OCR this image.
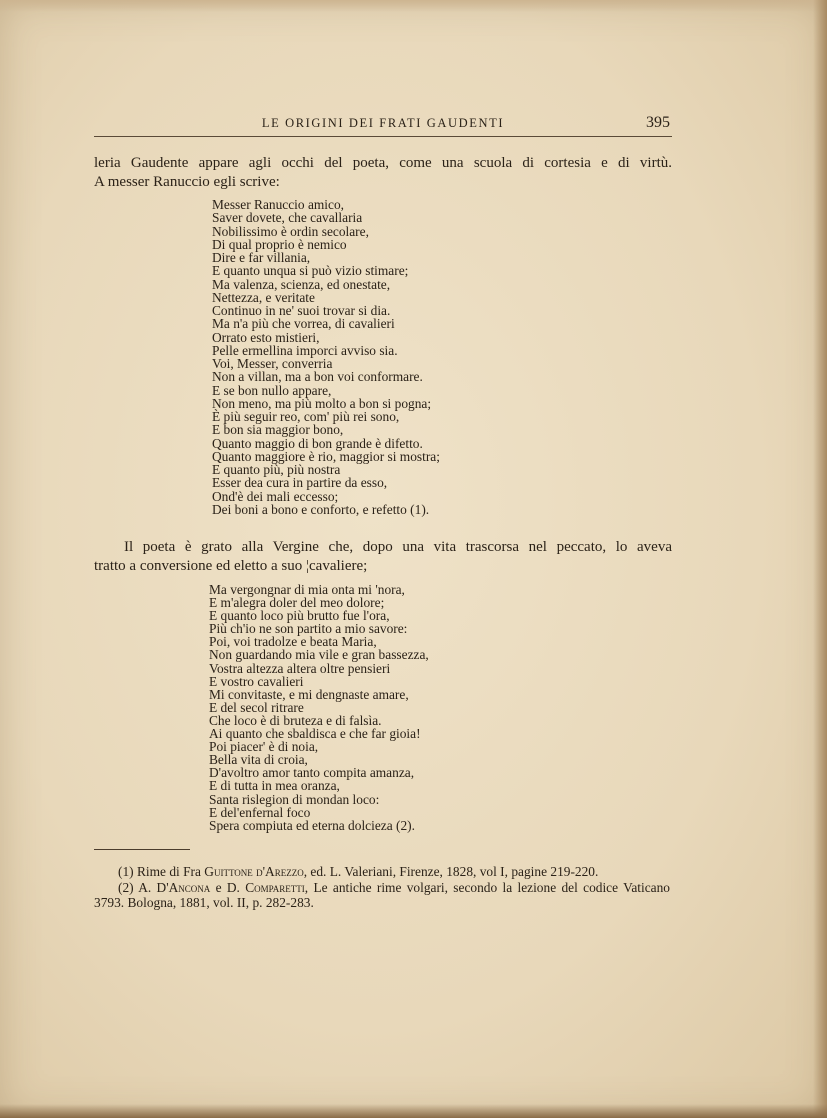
LE ORIGINI DEI FRATI GAUDENTI	395

leria Gaudente appare agli occhi del poeta, come una scuola di cortesia e di virtù.
A messer Ranuccio egli scrive:

Messer Ranuccio amico,
Saver dovete, che cavallaria
Nobilissimo è ordin secolare,
Di qual proprio è nemico
Dire e far villania,
E quanto unqua si può vizio stimare;
Ma valenza, scienza, ed onestate,
Nettezza, e veritate
Continuo in ne' suoi trovar si dia.
Ma n'a più che vorrea, di cavalieri
Orrato esto mistieri,
Pelle ermellina imporci avviso sia.
Voi, Messer, converria
Non a villan, ma a bon voi conformare.
E se bon nullo appare,
Non meno, ma più molto a bon si pogna;
È più seguir reo, com' più rei sono,
E bon sia maggior bono,
Quanto maggio di bon grande è difetto.
Quanto maggiore è rio, maggior si mostra;
E quanto più, più nostra
Esser dea cura in partire da esso,
Ond'è dei mali eccesso;
Dei boni a bono e conforto, e refetto (1).

Il poeta è grato alla Vergine che, dopo una vita trascorsa nel peccato, lo aveva
tratto a conversione ed eletto a suo ¦cavaliere;

Ma vergongnar di mia onta mi 'nora,
E m'alegra doler del meo dolore;
E quanto loco più brutto fue l'ora,
Più ch'io ne son partito a mio savore:
Poi, voi tradolze e beata Maria,
Non guardando mia vile e gran bassezza,
Vostra altezza altera oltre pensieri
E vostro cavalieri
Mi convitaste, e mi dengnaste amare,
E del secol ritrare
Che loco è di bruteza e di falsìa.
Ai quanto che sbaldisca e che far gioia!
Poi piacer' è di noia,
Bella vita di croia,
D'avoltro amor tanto compita amanza,
E di tutta in mea oranza,
Santa rislegion di mondan loco:
E del'enfernal foco
Spera compiuta ed eterna dolcieza (2).

(1) Rime di Fra Guittone d'Arezzo, ed. L. Valeriani, Firenze, 1828, vol I, pagine 219-220.

(2) A. D'Ancona e D. Comparetti, Le antiche rime volgari, secondo la lezione del codice Vaticano 3793. Bologna, 1881, vol. II, p. 282-283.
